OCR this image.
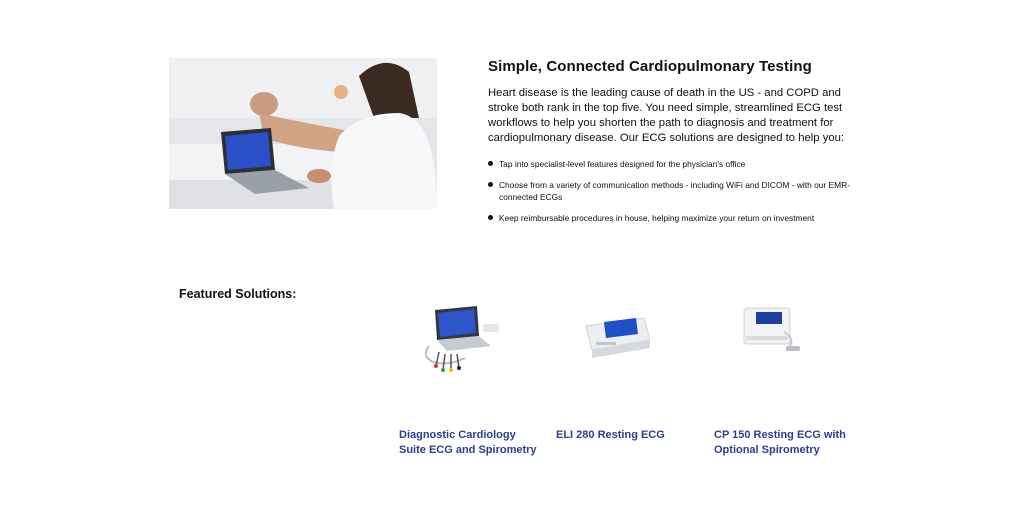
Simple, Connected Cardiopulmonary Testing

Heart disease is the leading cause of death in the US - and COPD and stroke both rank in the top five. You need simple, streamlined ECG test workflows to help you shorten the path to diagnosis and treatment for cardiopulmonary disease. Our ECG solutions are designed to help you:

Tap into specialist-level features designed for the physician's office
Choose from a variety of communication methods - including WiFi and DICOM - with our EMR-connected ECGs
Keep reimbursable procedures in house, helping maximize your return on investment
Featured Solutions:
Diagnostic Cardiology Suite ECG and Spirometry
ELI 280 Resting ECG	CP 150 Resting ECG with Optional Spirometry
